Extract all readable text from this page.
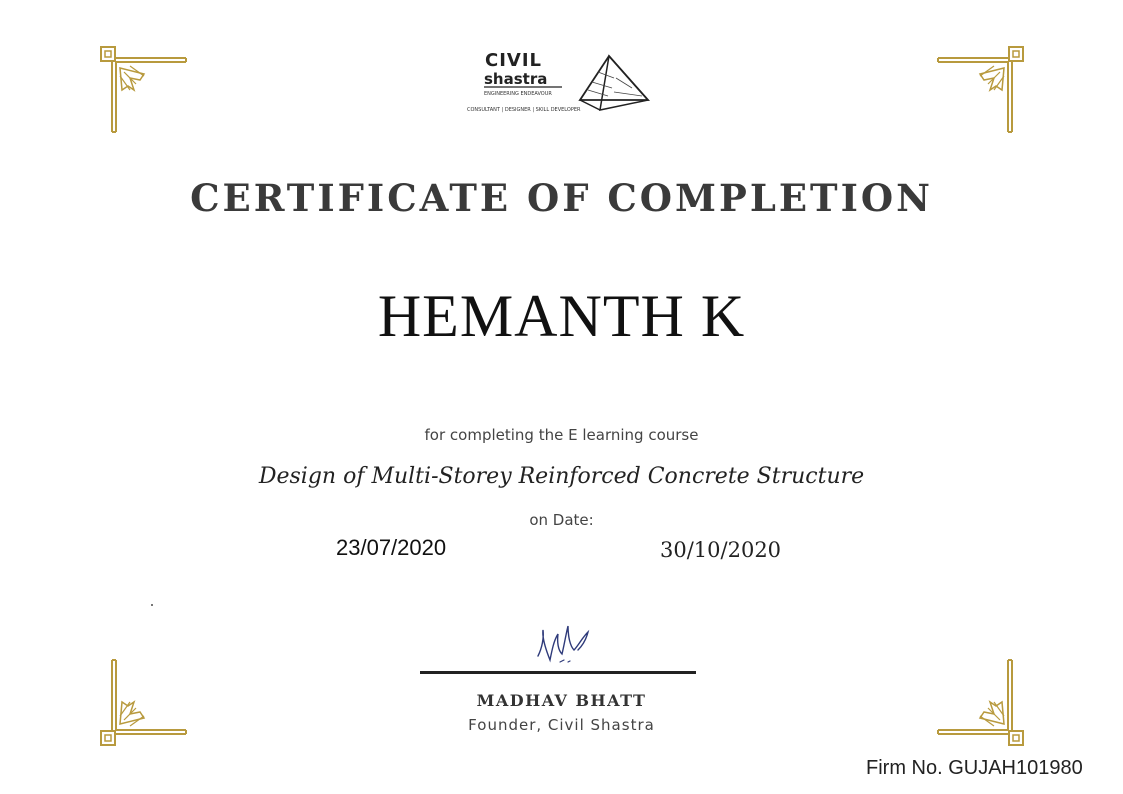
CIVIL
shastra
ENGINEERING ENDEAVOUR
CONSULTANT | DESIGNER | SKILL DEVELOPER
CERTIFICATE OF COMPLETION
HEMANTH K
for completing the E learning course
Design of Multi-Storey Reinforced Concrete Structure
on Date:
23/07/2020	30/10/2020
MADHAV BHATT
Founder, Civil Shastra
Firm No. GUJAH101980
